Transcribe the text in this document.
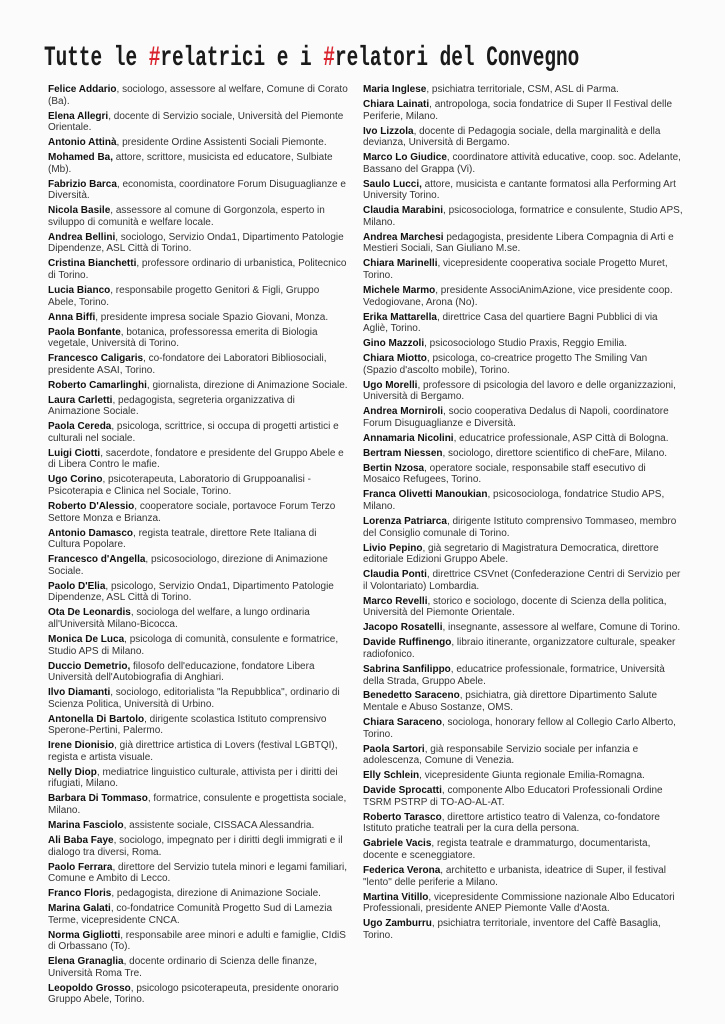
Tutte le #relatrici e i #relatori del Convegno

Felice Addario, sociologo, assessore al welfare, Comune di Corato (Ba).

Elena Allegri, docente di Servizio sociale, Università del Piemonte Orientale.

Antonio Attinà, presidente Ordine Assistenti Sociali Piemonte.

Mohamed Ba, attore, scrittore, musicista ed educatore, Sulbiate (Mb).

Fabrizio Barca, economista, coordinatore Forum Disuguaglianze e Diversità.

Nicola Basile, assessore al comune di Gorgonzola, esperto in sviluppo di comunità e welfare locale.

Andrea Bellini, sociologo, Servizio Onda1, Dipartimento Patologie Dipendenze, ASL Città di Torino.

Cristina Bianchetti, professore ordinario di urbanistica, Politecnico di Torino.

Lucia Bianco, responsabile progetto Genitori & Figli, Gruppo Abele, Torino.

Anna Biffi, presidente impresa sociale Spazio Giovani, Monza.

Paola Bonfante, botanica, professoressa emerita di Biologia vegetale, Università di Torino.

Francesco Caligaris, co-fondatore dei Laboratori Bibliosociali, presidente ASAI, Torino.

Roberto Camarlinghi, giornalista, direzione di Animazione Sociale.

Laura Carletti, pedagogista, segreteria organizzativa di Animazione Sociale.

Paola Cereda, psicologa, scrittrice, si occupa di progetti artistici e culturali nel sociale.

Luigi Ciotti, sacerdote, fondatore e presidente del Gruppo Abele e di Libera Contro le mafie.

Ugo Corino, psicoterapeuta, Laboratorio di Gruppoanalisi - Psicoterapia e Clinica nel Sociale, Torino.

Roberto D'Alessio, cooperatore sociale, portavoce Forum Terzo Settore Monza e Brianza.

Antonio Damasco, regista teatrale, direttore Rete Italiana di Cultura Popolare.

Francesco d'Angella, psicosociologo, direzione di Animazione Sociale.

Paolo D'Elia, psicologo, Servizio Onda1, Dipartimento Patologie Dipendenze, ASL Città di Torino.

Ota De Leonardis, sociologa del welfare, a lungo ordinaria all'Università Milano-Bicocca.

Monica De Luca, psicologa di comunità, consulente e formatrice, Studio APS di Milano.

Duccio Demetrio, filosofo dell'educazione, fondatore Libera Università dell'Autobiografia di Anghiari.

Ilvo Diamanti, sociologo, editorialista "la Repubblica", ordinario di Scienza Politica, Università di Urbino.

Antonella Di Bartolo, dirigente scolastica Istituto comprensivo Sperone-Pertini, Palermo.

Irene Dionisio, già direttrice artistica di Lovers (festival LGBTQI), regista e artista visuale.

Nelly Diop, mediatrice linguistico culturale, attivista per i diritti dei rifugiati, Milano.

Barbara Di Tommaso, formatrice, consulente e progettista sociale, Milano.

Marina Fasciolo, assistente sociale, CISSACA Alessandria.

Ali Baba Faye, sociologo, impegnato per i diritti degli immigrati e il dialogo tra diversi, Roma.

Paolo Ferrara, direttore del Servizio tutela minori e legami familiari, Comune e Ambito di Lecco.

Franco Floris, pedagogista, direzione di Animazione Sociale.

Marina Galati, co-fondatrice Comunità Progetto Sud di Lamezia Terme, vicepresidente CNCA.

Norma Gigliotti, responsabile aree minori e adulti e famiglie, CIdiS di Orbassano (To).

Elena Granaglia, docente ordinario di Scienza delle finanze, Università Roma Tre.

Leopoldo Grosso, psicologo psicoterapeuta, presidente onorario Gruppo Abele, Torino.

Maria Inglese, psichiatra territoriale, CSM, ASL di Parma.

Chiara Lainati, antropologa, socia fondatrice di Super Il Festival delle Periferie, Milano.

Ivo Lizzola, docente di Pedagogia sociale, della marginalità e della devianza, Università di Bergamo.

Marco Lo Giudice, coordinatore attività educative, coop. soc. Adelante, Bassano del Grappa (Vi).

Saulo Lucci, attore, musicista e cantante formatosi alla Performing Art University Torino.

Claudia Marabini, psicosociologa, formatrice e consulente, Studio APS, Milano.

Andrea Marchesi pedagogista, presidente Libera Compagnia di Arti e Mestieri Sociali, San Giuliano M.se.

Chiara Marinelli, vicepresidente cooperativa sociale Progetto Muret, Torino.

Michele Marmo, presidente AssociAnimAzione, vice presidente coop. Vedogiovane, Arona (No).

Erika Mattarella, direttrice Casa del quartiere Bagni Pubblici di via Agliè, Torino.

Gino Mazzoli, psicosociologo Studio Praxis, Reggio Emilia.

Chiara Miotto, psicologa, co-creatrice progetto The Smiling Van (Spazio d'ascolto mobile), Torino.

Ugo Morelli, professore di psicologia del lavoro e delle organizzazioni, Università di Bergamo.

Andrea Morniroli, socio cooperativa Dedalus di Napoli, coordinatore Forum Disuguaglianze e Diversità.

Annamaria Nicolini, educatrice professionale, ASP Città di Bologna.

Bertram Niessen, sociologo, direttore scientifico di cheFare, Milano.

Bertin Nzosa, operatore sociale, responsabile staff esecutivo di Mosaico Refugees, Torino.

Franca Olivetti Manoukian, psicosociologa, fondatrice Studio APS, Milano.

Lorenza Patriarca, dirigente Istituto comprensivo Tommaseo, membro del Consiglio comunale di Torino.

Livio Pepino, già segretario di Magistratura Democratica, direttore editoriale Edizioni Gruppo Abele.

Claudia Ponti, direttrice CSVnet (Confederazione Centri di Servizio per il Volontariato) Lombardia.

Marco Revelli, storico e sociologo, docente di Scienza della politica, Università del Piemonte Orientale.

Jacopo Rosatelli, insegnante, assessore al welfare, Comune di Torino.

Davide Ruffinengo, libraio itinerante, organizzatore culturale, speaker radiofonico.

Sabrina Sanfilippo, educatrice professionale, formatrice, Università della Strada, Gruppo Abele.

Benedetto Saraceno, psichiatra, già direttore Dipartimento Salute Mentale e Abuso Sostanze, OMS.

Chiara Saraceno, sociologa, honorary fellow al Collegio Carlo Alberto, Torino.

Paola Sartori, già responsabile Servizio sociale per infanzia e adolescenza, Comune di Venezia.

Elly Schlein, vicepresidente Giunta regionale Emilia-Romagna.

Davide Sprocatti, componente Albo Educatori Professionali Ordine TSRM PSTRP di TO-AO-AL-AT.

Roberto Tarasco, direttore artistico teatro di Valenza, co-fondatore Istituto pratiche teatrali per la cura della persona.

Gabriele Vacis, regista teatrale e drammaturgo, documentarista, docente e sceneggiatore.

Federica Verona, architetto e urbanista, ideatrice di Super, il festival "lento" delle periferie a Milano.

Martina Vitillo, vicepresidente Commissione nazionale Albo Educatori Professionali, presidente ANEP Piemonte Valle d'Aosta.

Ugo Zamburru, psichiatra territoriale, inventore del Caffè Basaglia, Torino.
